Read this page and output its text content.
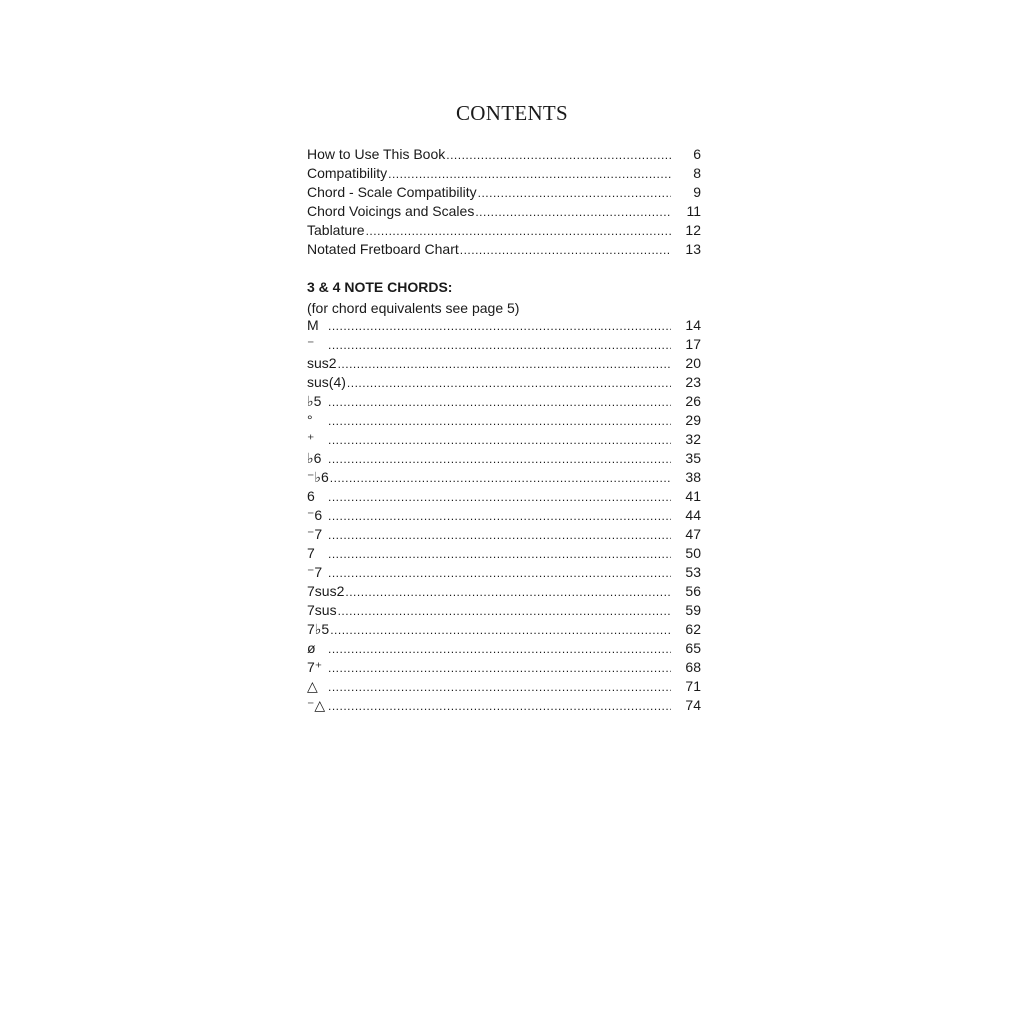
CONTENTS
How to Use This Book .....	6
Compatibility .....	8
Chord - Scale Compatibility .....	9
Chord Voicings and Scales .....	11
Tablature .....	12
Notated Fretboard Chart .....	13
3 & 4 NOTE CHORDS:
(for chord equivalents see page 5)
M .....	14
⁻ .....	17
sus2 .....	20
sus(4) .....	23
♭5 .....	26
° .....	29
⁺ .....	32
♭6 .....	35
⁻♭6 .....	38
6 .....	41
⁻6 .....	44
⁻7 .....	47
7 .....	50
⁻7 .....	53
7sus2 .....	56
7sus .....	59
7♭5 .....	62
ø .....	65
7⁺ .....	68
△ .....	71
⁻△ .....	74
